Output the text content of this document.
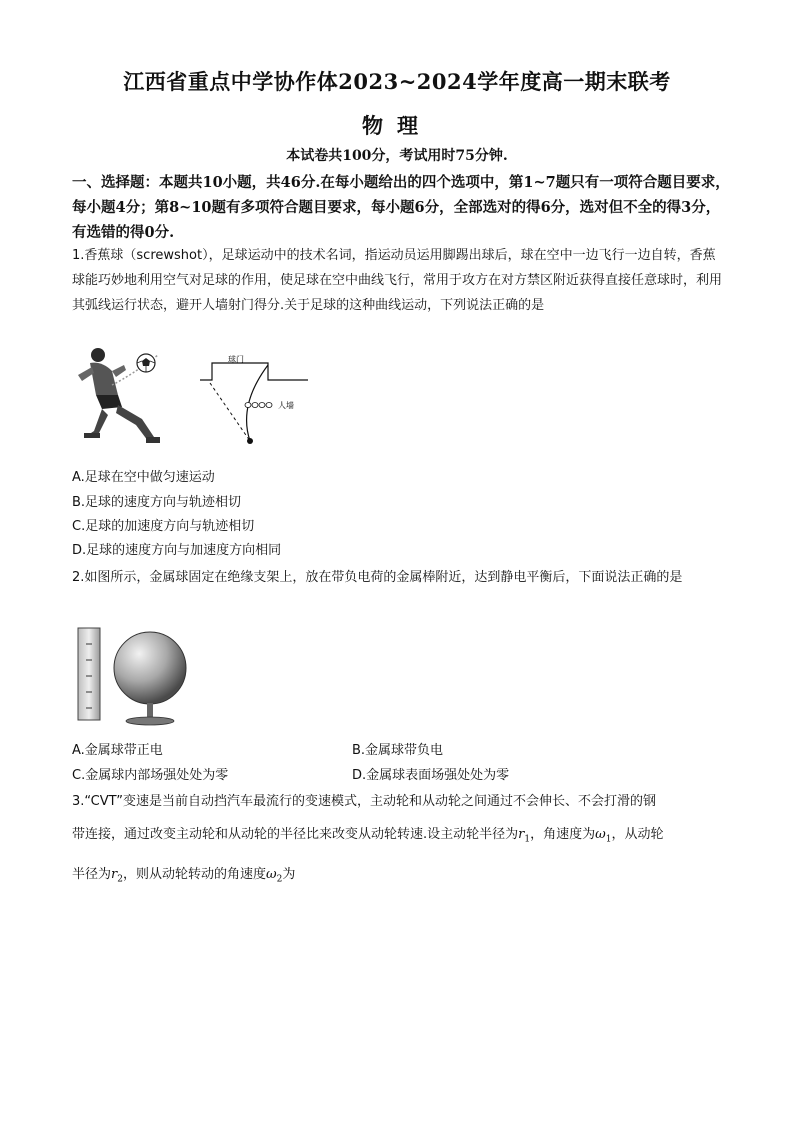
江西省重点中学协作体2023~2024学年度高一期末联考
物理
本试卷共100分，考试用时75分钟.
一、选择题：本题共10小题，共46分.在每小题给出的四个选项中，第1~7题只有一项符合题目要求，每小题4分；第8~10题有多项符合题目要求，每小题6分，全部选对的得6分，选对但不全的得3分，有选错的得0分.
1.香蕉球（screwshot），足球运动中的技术名词，指运动员运用脚踢出球后，球在空中一边飞行一边自转，香蕉球能巧妙地利用空气对足球的作用，使足球在空中曲线飞行，常用于攻方在对方禁区附近获得直接任意球时，利用其弧线运行状态，避开人墙射门得分.关于足球的这种曲线运动，下列说法正确的是
球门
人墙
A.足球在空中做匀速运动
B.足球的速度方向与轨迹相切
C.足球的加速度方向与轨迹相切
D.足球的速度方向与加速度方向相同
2.如图所示，金属球固定在绝缘支架上，放在带负电荷的金属棒附近，达到静电平衡后，下面说法正确的是
A.金属球带正电	B.金属球带负电
C.金属球内部场强处处为零	D.金属球表面场强处处为零
3.“CVT”变速是当前自动挡汽车最流行的变速模式，主动轮和从动轮之间通过不会伸长、不会打滑的钢
带连接，通过改变主动轮和从动轮的半径比来改变从动轮转速.设主动轮半径为$r_1$，角速度为$\omega_1$，从动轮
半径为$r_2$，则从动轮转动的角速度$\omega_2$为
